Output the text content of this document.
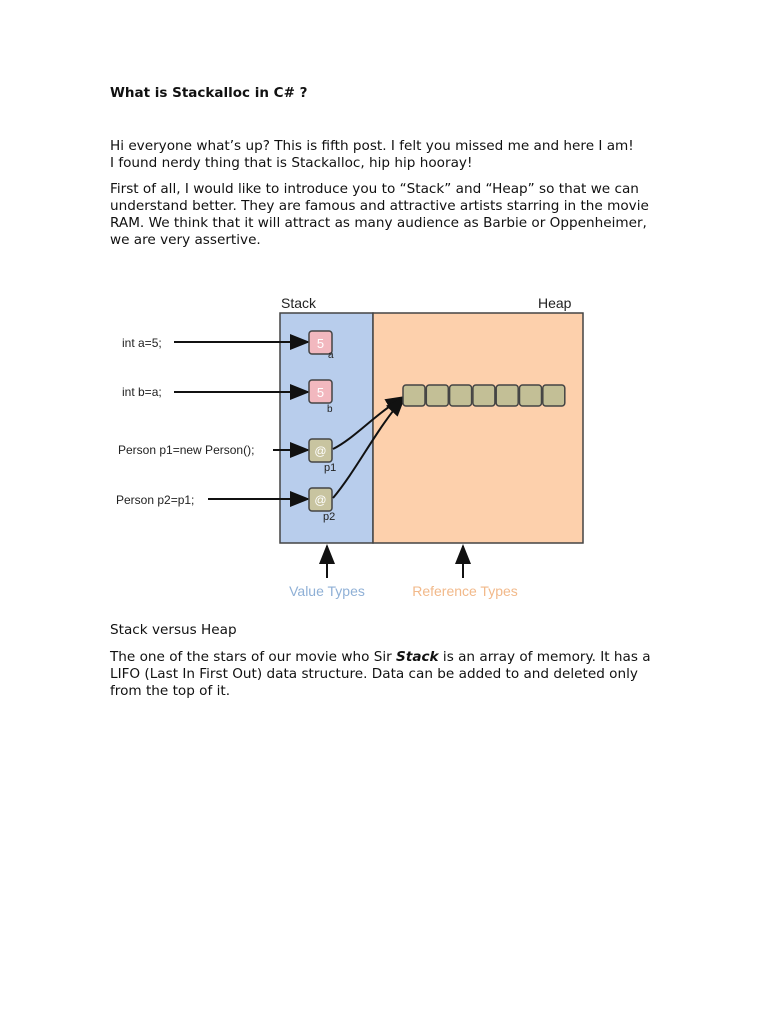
What is Stackalloc in C# ?

Hi everyone what’s up? This is fifth post. I felt you missed me and here I am!
I found nerdy thing that is Stackalloc, hip hip hooray!

First of all, I would like to introduce you to “Stack” and “Heap” so that we can understand better. They are famous and attractive artists starring in the movie RAM. We think that it will attract as many audience as Barbie or Oppenheimer, we are very assertive.

Stack versus Heap

The one of the stars of our movie who Sir Stack is an array of memory. It has a LIFO (Last In First Out) data structure. Data can be added to and deleted only from the top of it.

Stack	Heap
int a=5;
int b=a;
Person p1=new Person();
Person p2=p1;
5
a
5
b
@
p1
@
p2
Value Types	Reference Types
